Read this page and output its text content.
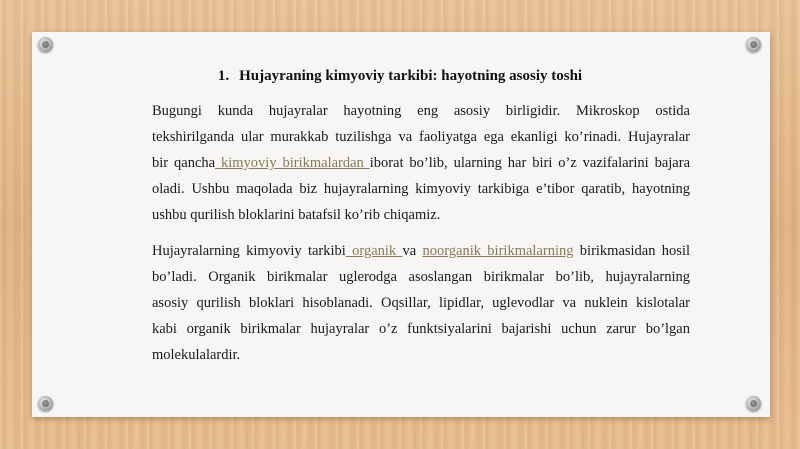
1. Hujayraning kimyoviy tarkibi: hayotning asosiy toshi
Bugungi kunda hujayralar hayotning eng asosiy birligidir. Mikroskop ostida
tekshirilganda ular murakkab tuzilishga va faoliyatga ega ekanligi ko’rinadi. Hujayralar
bir qancha kimyoviy birikmalardan iborat bo’lib, ularning har biri o’z vazifalarini bajara
oladi. Ushbu maqolada biz hujayralarning kimyoviy tarkibiga e’tibor qaratib, hayotning
ushbu qurilish bloklarini batafsil ko’rib chiqamiz.
Hujayralarning kimyoviy tarkibi organik va noorganik birikmalarning birikmasidan hosil
bo’ladi. Organik birikmalar uglerodga asoslangan birikmalar bo’lib, hujayralarning
asosiy qurilish bloklari hisoblanadi. Oqsillar, lipidlar, uglevodlar va nuklein kislotalar
kabi organik birikmalar hujayralar o’z funktsiyalarini bajarishi uchun zarur bo’lgan
molekulalardir.
